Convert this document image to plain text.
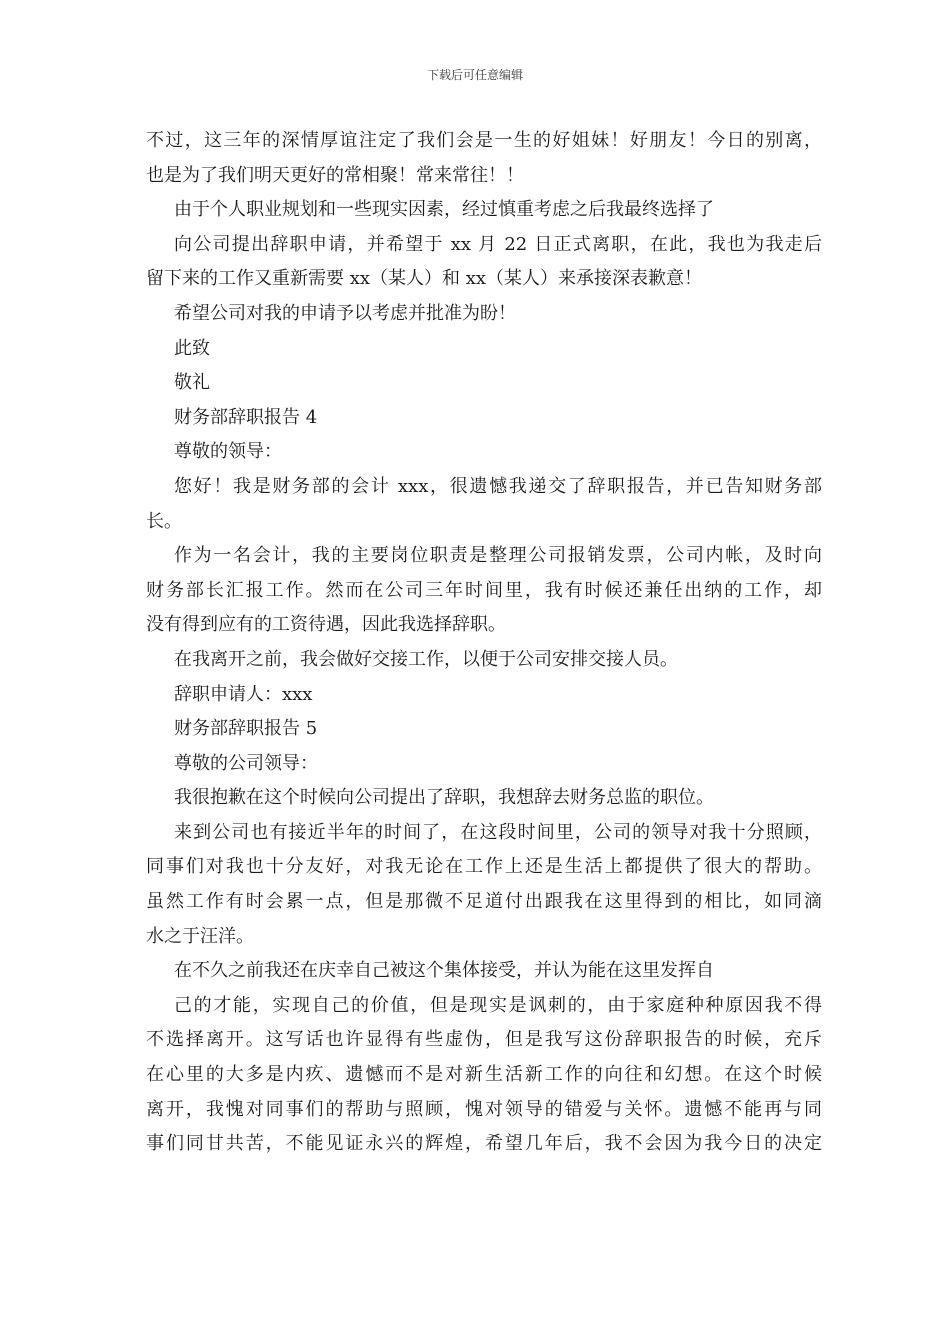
下载后可任意编辑
不过，这三年的深情厚谊注定了我们会是一生的好姐妹！好朋友！今日的别离，
也是为了我们明天更好的常相聚！常来常往！！
由于个人职业规划和一些现实因素，经过慎重考虑之后我最终选择了
向公司提出辞职申请，并希望于 xx 月 22 日正式离职，在此，我也为我走后
留下来的工作又重新需要 xx（某人）和 xx（某人）来承接深表歉意！
希望公司对我的申请予以考虑并批准为盼！
此致
敬礼
财务部辞职报告 4
尊敬的领导：
您好！我是财务部的会计 xxx，很遗憾我递交了辞职报告，并已告知财务部
长。
作为一名会计，我的主要岗位职责是整理公司报销发票，公司内帐，及时向
财务部长汇报工作。然而在公司三年时间里，我有时候还兼任出纳的工作，却
没有得到应有的工资待遇，因此我选择辞职。
在我离开之前，我会做好交接工作，以便于公司安排交接人员。
辞职申请人：xxx
财务部辞职报告 5
尊敬的公司领导：
我很抱歉在这个时候向公司提出了辞职，我想辞去财务总监的职位。
来到公司也有接近半年的时间了，在这段时间里，公司的领导对我十分照顾，
同事们对我也十分友好，对我无论在工作上还是生活上都提供了很大的帮助。
虽然工作有时会累一点，但是那微不足道付出跟我在这里得到的相比，如同滴
水之于汪洋。
在不久之前我还在庆幸自己被这个集体接受，并认为能在这里发挥自
己的才能，实现自己的价值，但是现实是讽刺的，由于家庭种种原因我不得
不选择离开。这写话也许显得有些虚伪，但是我写这份辞职报告的时候，充斥
在心里的大多是内疚、遗憾而不是对新生活新工作的向往和幻想。在这个时候
离开，我愧对同事们的帮助与照顾，愧对领导的错爱与关怀。遗憾不能再与同
事们同甘共苦，不能见证永兴的辉煌，希望几年后，我不会因为我今日的决定
